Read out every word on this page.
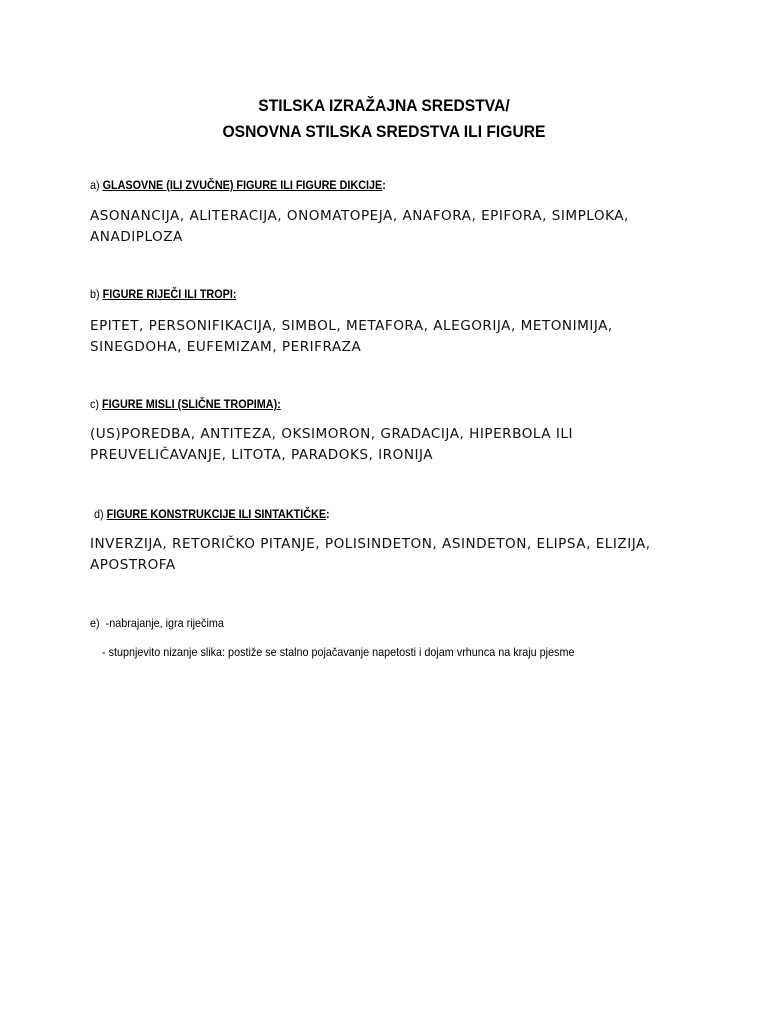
STILSKA IZRAŽAJNA SREDSTVA/
OSNOVNA STILSKA SREDSTVA ILI FIGURE
a) GLASOVNE (ILI ZVUČNE) FIGURE ILI FIGURE DIKCIJE:
ASONANCIJA, ALITERACIJA, ONOMATOPEJA, ANAFORA, EPIFORA, SIMPLOKA, ANADIPLOZA
b) FIGURE RIJEČI ILI TROPI:
EPITET, PERSONIFIKACIJA, SIMBOL, METAFORA, ALEGORIJA, METONIMIJA, SINEGDOHA, EUFEMIZAM, PERIFRAZA
c) FIGURE MISLI (SLIČNE TROPIMA):
(US)POREDBA, ANTITEZA, OKSIMORON, GRADACIJA, HIPERBOLA ILI PREUVELIČAVANJE, LITOTA, PARADOKS, IRONIJA
d) FIGURE KONSTRUKCIJE ILI SINTAKTIČKE:
INVERZIJA, RETORIČKO PITANJE, POLISINDETON, ASINDETON, ELIPSA, ELIZIJA, APOSTROFA
e) -nabrajanje, igra riječima
- stupnjevito nizanje slika: postiže se stalno pojačavanje napetosti i dojam vrhunca na kraju pjesme
